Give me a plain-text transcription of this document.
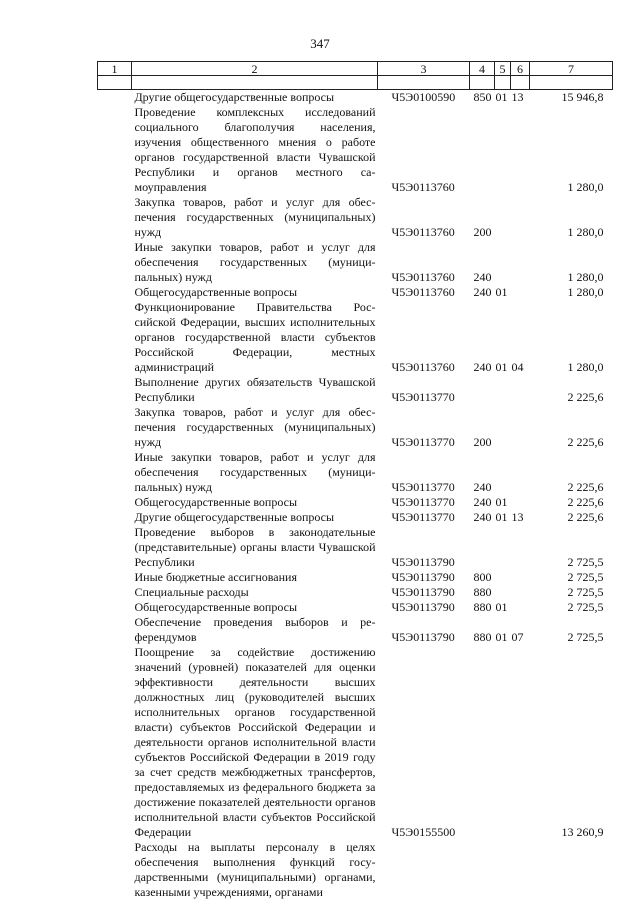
347
1	2	3	4	5	6	7

	Другие общегосударственные вопросы	Ч5Э0100590	850	01	13	15 946,8
	Проведение комплексных исследований социального благополучия населения, изучения общественного мнения о работе органов государственной власти Чувашской Республики и органов местного самоуправления	Ч5Э0113760				1 280,0
	Закупка товаров, работ и услуг для обеспечения государственных (муниципальных) нужд	Ч5Э0113760	200			1 280,0
	Иные закупки товаров, работ и услуг для обеспечения государственных (муниципальных) нужд	Ч5Э0113760	240			1 280,0
	Общегосударственные вопросы	Ч5Э0113760	240	01		1 280,0
	Функционирование Правительства Российской Федерации, высших исполнительных органов государственной власти субъектов Российской Федерации, местных администраций	Ч5Э0113760	240	01	04	1 280,0
	Выполнение других обязательств Чувашской Республики	Ч5Э0113770				2 225,6
	Закупка товаров, работ и услуг для обеспечения государственных (муниципальных) нужд	Ч5Э0113770	200			2 225,6
	Иные закупки товаров, работ и услуг для обеспечения государственных (муниципальных) нужд	Ч5Э0113770	240			2 225,6
	Общегосударственные вопросы	Ч5Э0113770	240	01		2 225,6
	Другие общегосударственные вопросы	Ч5Э0113770	240	01	13	2 225,6
	Проведение выборов в законодательные (представительные) органы власти Чувашской Республики	Ч5Э0113790				2 725,5
	Иные бюджетные ассигнования	Ч5Э0113790	800			2 725,5
	Специальные расходы	Ч5Э0113790	880			2 725,5
	Общегосударственные вопросы	Ч5Э0113790	880	01		2 725,5
	Обеспечение проведения выборов и референдумов	Ч5Э0113790	880	01	07	2 725,5
	Поощрение за содействие достижению значений (уровней) показателей для оценки эффективности деятельности высших должностных лиц (руководителей высших исполнительных органов государственной власти) субъектов Российской Федерации и деятельности органов исполнительной власти субъектов Российской Федерации в 2019 году за счет средств межбюджетных трансфертов, предоставляемых из федерального бюджета за достижение показателей деятельности органов исполнительной власти субъектов Российской Федерации	Ч5Э0155500				13 260,9
	Расходы на выплаты персоналу в целях обеспечения выполнения функций государственными (муниципальными) органами, казенными учреждениями, органами					
